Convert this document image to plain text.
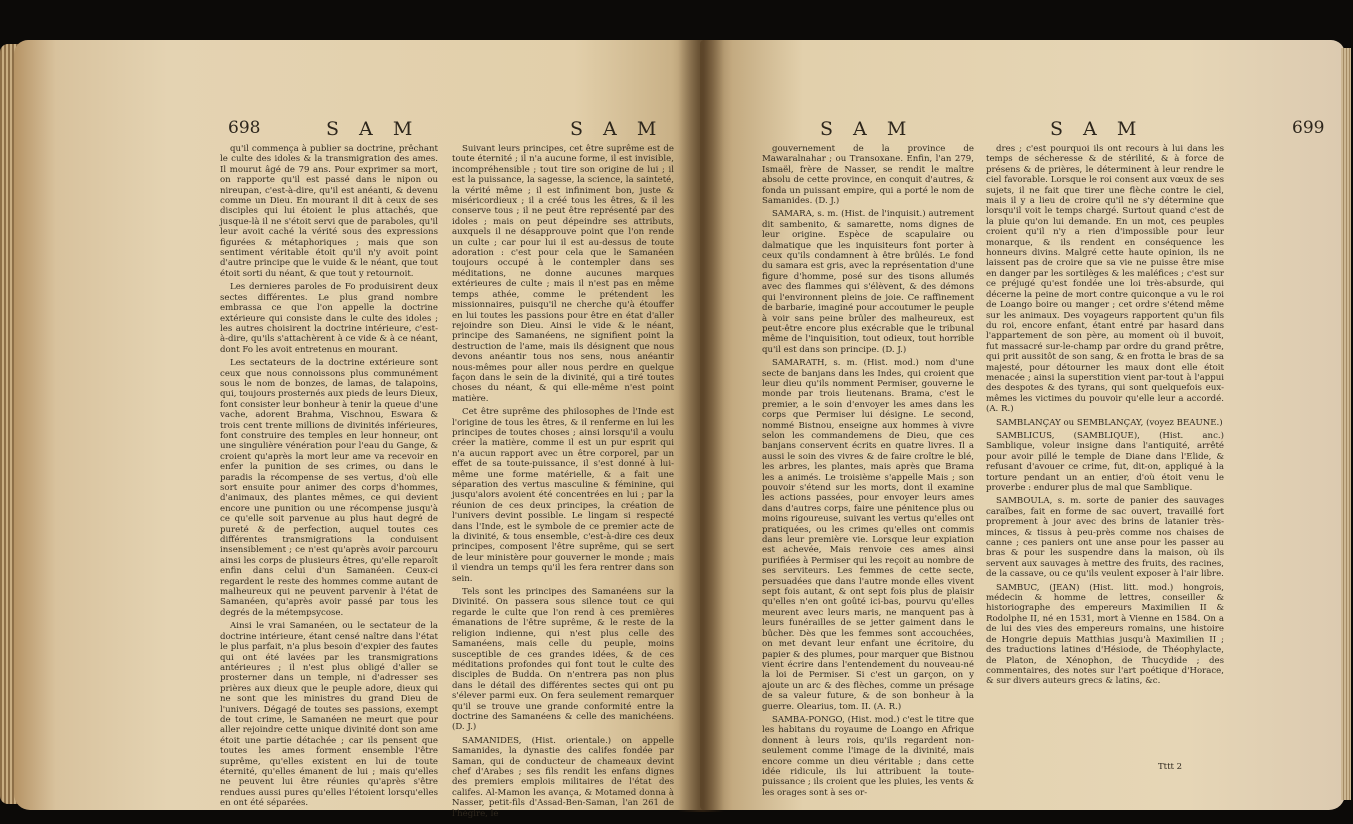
698	S A M	S A M

qu'il commença à publier sa doctrine, prêchant le culte des idoles & la transmigration des ames. Il mourut âgé de 79 ans. Pour exprimer sa mort, on rapporte qu'il est passé dans le nipon ou nireupan, c'est-à-dire, qu'il est anéanti, & devenu comme un Dieu. En mourant il dit à ceux de ses disciples qui lui étoient le plus attachés, que jusque-là il ne s'étoit servi que de paraboles, qu'il leur avoit caché la vérité sous des expressions figurées & métaphoriques ; mais que son sentiment véritable étoit qu'il n'y avoit point d'autre principe que le vuide & le néant, que tout étoit sorti du néant, & que tout y retournoit.

Les dernieres paroles de Fo produisirent deux sectes différentes. Le plus grand nombre embrassa ce que l'on appelle la doctrine extérieure qui consiste dans le culte des idoles ; les autres choisirent la doctrine intérieure, c'est-à-dire, qu'ils s'attachèrent à ce vide & à ce néant, dont Fo les avoit entretenus en mourant.

Les sectateurs de la doctrine extérieure sont ceux que nous connoissons plus communément sous le nom de bonzes, de lamas, de talapoins, qui, toujours prosternés aux pieds de leurs Dieux, font consister leur bonheur à tenir la queue d'une vache, adorent Brahma, Vischnou, Eswara & trois cent trente millions de divinités inférieures, font construire des temples en leur honneur, ont une singulière vénération pour l'eau du Gange, & croient qu'après la mort leur ame va recevoir en enfer la punition de ses crimes, ou dans le paradis la récompense de ses vertus, d'où elle sort ensuite pour animer des corps d'hommes, d'animaux, des plantes mêmes, ce qui devient encore une punition ou une récompense jusqu'à ce qu'elle soit parvenue au plus haut degré de pureté & de perfection, auquel toutes ces différentes transmigrations la conduisent insensiblement ; ce n'est qu'après avoir parcouru ainsi les corps de plusieurs êtres, qu'elle reparoît enfin dans celui d'un Samanéen. Ceux-ci regardent le reste des hommes comme autant de malheureux qui ne peuvent parvenir à l'état de Samanéen, qu'après avoir passé par tous les degrés de la métempsycose.

Ainsi le vrai Samanéen, ou le sectateur de la doctrine intérieure, étant censé naître dans l'état le plus parfait, n'a plus besoin d'expier des fautes qui ont été lavées par les transmigrations antérieures ; il n'est plus obligé d'aller se prosterner dans un temple, ni d'adresser ses prières aux dieux que le peuple adore, dieux qui ne sont que les ministres du grand Dieu de l'univers. Dégagé de toutes ses passions, exempt de tout crime, le Samanéen ne meurt que pour aller rejoindre cette unique divinité dont son ame étoit une partie détachée ; car ils pensent que toutes les ames forment ensemble l'être suprême, qu'elles existent en lui de toute éternité, qu'elles émanent de lui ; mais qu'elles ne peuvent lui être réunies qu'après s'être rendues aussi pures qu'elles l'étoient lorsqu'elles en ont été séparées.

Suivant leurs principes, cet être suprême est de toute éternité ; il n'a aucune forme, il est invisible, incompréhensible ; tout tire son origine de lui ; il est la puissance, la sagesse, la science, la sainteté, la vérité même ; il est infiniment bon, juste & miséricordieux ; il a créé tous les êtres, & il les conserve tous ; il ne peut être représenté par des idoles ; mais on peut dépeindre ses attributs, auxquels il ne désapprouve point que l'on rende un culte ; car pour lui il est au-dessus de toute adoration : c'est pour cela que le Samanéen toujours occupé à le contempler dans ses méditations, ne donne aucunes marques extérieures de culte ; mais il n'est pas en même temps athée, comme le prétendent les missionnaires, puisqu'il ne cherche qu'à étouffer en lui toutes les passions pour être en état d'aller rejoindre son Dieu. Ainsi le vide & le néant, principe des Samanéens, ne signifient point la destruction de l'ame, mais ils désignent que nous devons anéantir tous nos sens, nous anéantir nous-mêmes pour aller nous perdre en quelque façon dans le sein de la divinité, qui a tiré toutes choses du néant, & qui elle-même n'est point matière.

Cet être suprême des philosophes de l'Inde est l'origine de tous les êtres, & il renferme en lui les principes de toutes choses ; ainsi lorsqu'il a voulu créer la matière, comme il est un pur esprit qui n'a aucun rapport avec un être corporel, par un effet de sa toute-puissance, il s'est donné à lui-même une forme matérielle, & a fait une séparation des vertus masculine & féminine, qui jusqu'alors avoient été concentrées en lui ; par la réunion de ces deux principes, la création de l'univers devint possible. Le lingam si respecté dans l'Inde, est le symbole de ce premier acte de la divinité, & tous ensemble, c'est-à-dire ces deux principes, composent l'être suprême, qui se sert de leur ministère pour gouverner le monde ; mais il viendra un temps qu'il les fera rentrer dans son sein.

Tels sont les principes des Samanéens sur la Divinité. On passera sous silence tout ce qui regarde le culte que l'on rend à ces premières émanations de l'être suprême, & le reste de la religion indienne, qui n'est plus celle des Samanéens, mais celle du peuple, moins susceptible de ces grandes idées, & de ces méditations profondes qui font tout le culte des disciples de Budda. On n'entrera pas non plus dans le détail des différentes sectes qui ont pu s'élever parmi eux. On fera seulement remarquer qu'il se trouve une grande conformité entre la doctrine des Samanéens & celle des manichéens. (D. J.)

SAMANIDES, (Hist. orientale.) on appelle Samanides, la dynastie des califes fondée par Saman, qui de conducteur de chameaux devint chef d'Arabes ; ses fils rendit les enfans dignes des premiers emplois militaires de l'état des califes. Al-Mamon les avança, & Motamed donna à Nasser, petit-fils d'Assad-Ben-Saman, l'an 261 de l'hégire, le

S A M	S A M	699

gouvernement de la province de Mawaralnahar ; ou Transoxane. Enfin, l'an 279, Ismaël, frère de Nasser, se rendit le maître absolu de cette province, en conquit d'autres, & fonda un puissant empire, qui a porté le nom de Samanides. (D. J.)

SAMARA, s. m. (Hist. de l'inquisit.) autrement dit sambenito, & samarette, noms dignes de leur origine. Espèce de scapulaire ou dalmatique que les inquisiteurs font porter à ceux qu'ils condamnent à être brûlés. Le fond du samara est gris, avec la représentation d'une figure d'homme, posé sur des tisons allumés avec des flammes qui s'élèvent, & des démons qui l'environnent pleins de joie. Ce raffinement de barbarie, imaginé pour accoutumer le peuple à voir sans peine brûler des malheureux, est peut-être encore plus exécrable que le tribunal même de l'inquisition, tout odieux, tout horrible qu'il est dans son principe. (D. J.)

SAMARATH, s. m. (Hist. mod.) nom d'une secte de banjans dans les Indes, qui croient que leur dieu qu'ils nomment Permiser, gouverne le monde par trois lieutenans. Brama, c'est le premier, a le soin d'envoyer les ames dans les corps que Permiser lui désigne. Le second, nommé Bistnou, enseigne aux hommes à vivre selon les commandemens de Dieu, que ces banjans conservent écrits en quatre livres. Il a aussi le soin des vivres & de faire croître le blé, les arbres, les plantes, mais après que Brama les a animés. Le troisième s'appelle Mais ; son pouvoir s'étend sur les morts, dont il examine les actions passées, pour envoyer leurs ames dans d'autres corps, faire une pénitence plus ou moins rigoureuse, suivant les vertus qu'elles ont pratiquées, ou les crimes qu'elles ont commis dans leur première vie. Lorsque leur expiation est achevée, Mais renvoie ces ames ainsi purifiées à Permiser qui les reçoit au nombre de ses serviteurs. Les femmes de cette secte, persuadées que dans l'autre monde elles vivent sept fois autant, & ont sept fois plus de plaisir qu'elles n'en ont goûté ici-bas, pourvu qu'elles meurent avec leurs maris, ne manquent pas à leurs funérailles de se jetter gaiment dans le bûcher. Dès que les femmes sont accouchées, on met devant leur enfant une écritoire, du papier & des plumes, pour marquer que Bistnou vient écrire dans l'entendement du nouveau-né la loi de Permiser. Si c'est un garçon, on y ajoute un arc & des flèches, comme un présage de sa valeur future, & de son bonheur à la guerre. Olearius, tom. II. (A. R.)

SAMBA-PONGO, (Hist. mod.) c'est le titre que les habitans du royaume de Loango en Afrique donnent à leurs rois, qu'ils regardent non-seulement comme l'image de la divinité, mais encore comme un dieu véritable ; dans cette idée ridicule, ils lui attribuent la toute-puissance ; ils croient que les pluies, les vents & les orages sont à ses or-

dres ; c'est pourquoi ils ont recours à lui dans les temps de sécheresse & de stérilité, & à force de présens & de prières, le déterminent à leur rendre le ciel favorable. Lorsque le roi consent aux vœux de ses sujets, il ne fait que tirer une flèche contre le ciel, mais il y a lieu de croire qu'il ne s'y détermine que lorsqu'il voit le temps chargé. Surtout quand c'est de la pluie qu'on lui demande. En un mot, ces peuples croient qu'il n'y a rien d'impossible pour leur monarque, & ils rendent en conséquence les honneurs divins. Malgré cette haute opinion, ils ne laissent pas de croire que sa vie ne puisse être mise en danger par les sortilèges & les maléfices ; c'est sur ce préjugé qu'est fondée une loi très-absurde, qui décerne la peine de mort contre quiconque a vu le roi de Loango boire ou manger ; cet ordre s'étend même sur les animaux. Des voyageurs rapportent qu'un fils du roi, encore enfant, étant entré par hasard dans l'appartement de son père, au moment où il buvoit, fut massacré sur-le-champ par ordre du grand prêtre, qui prit aussitôt de son sang, & en frotta le bras de sa majesté, pour détourner les maux dont elle étoit menacée ; ainsi la superstition vient par-tout à l'appui des despotes & des tyrans, qui sont quelquefois eux-mêmes les victimes du pouvoir qu'elle leur a accordé. (A. R.)

SAMBLANÇAY ou SEMBLANÇAY, (voyez BEAUNE.)

SAMBLICUS, (SAMBLIQUE), (Hist. anc.) Samblique, voleur insigne dans l'antiquité, arrêté pour avoir pillé le temple de Diane dans l'Elide, & refusant d'avouer ce crime, fut, dit-on, appliqué à la torture pendant un an entier, d'où étoit venu le proverbe : endurer plus de mal que Samblique.

SAMBOULA, s. m. sorte de panier des sauvages caraïbes, fait en forme de sac ouvert, travaillé fort proprement à jour avec des brins de latanier très-minces, & tissus à peu-près comme nos chaises de canne ; ces paniers ont une anse pour les passer au bras & pour les suspendre dans la maison, où ils servent aux sauvages à mettre des fruits, des racines, de la cassave, ou ce qu'ils veulent exposer à l'air libre.

SAMBUC, (JEAN) (Hist. litt. mod.) hongrois, médecin & homme de lettres, conseiller & historiographe des empereurs Maximilien II & Rodolphe II, né en 1531, mort à Vienne en 1584. On a de lui des vies des empereurs romains, une histoire de Hongrie depuis Matthias jusqu'à Maximilien II ; des traductions latines d'Hésiode, de Théophylacte, de Platon, de Xénophon, de Thucydide ; des commentaires, des notes sur l'art poétique d'Horace, & sur divers auteurs grecs & latins, &c.

Tttt 2
